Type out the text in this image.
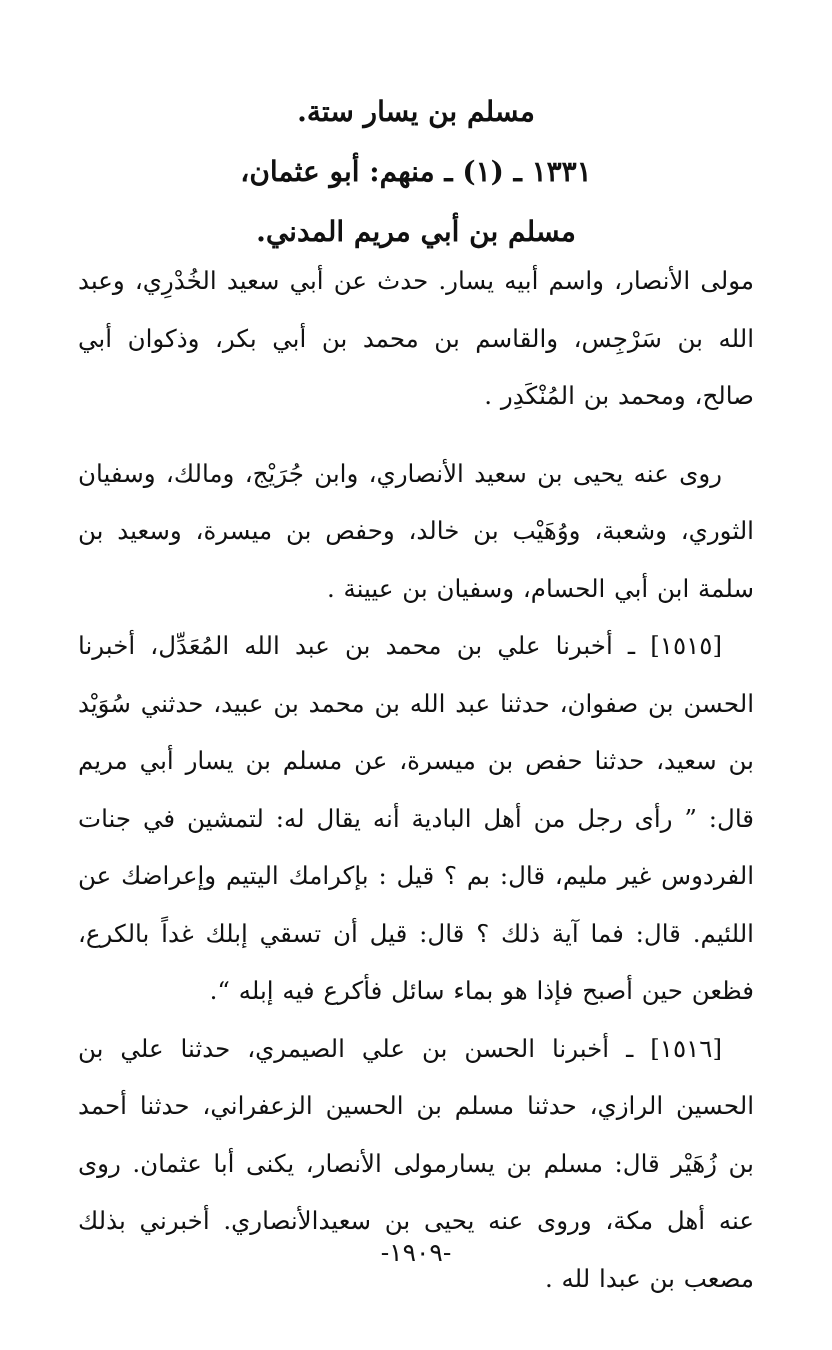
مسلم بن يسار ستة.

١٣٣١ ـ (١) ـ منهم: أبو عثمان،

مسلم بن أبي مريم المدني.

مولى الأنصار، واسم أبيه يسار. حدث عن أبي سعيد الخُدْرِي، وعبد الله بن سَرْجِس، والقاسم بن محمد بن أبي بكر، وذكوان أبي صالح، ومحمد بن المُنْكَدِر .

روى عنه يحيى بن سعيد الأنصاري، وابن جُرَيْج، ومالك، وسفيان الثوري، وشعبة، ووُهَيْب بن خالد، وحفص بن ميسرة، وسعيد بن سلمة ابن أبي الحسام، وسفيان بن عيينة .

[١٥١٥] ـ أخبرنا علي بن محمد بن عبد الله المُعَدِّل، أخبرنا الحسن بن صفوان، حدثنا عبد الله بن محمد بن عبيد، حدثني سُوَيْد بن سعيد، حدثنا حفص بن ميسرة، عن مسلم بن يسار أبي مريم قال: ” رأى رجل من أهل البادية أنه يقال له: لتمشين في جنات الفردوس غير مليم، قال: بم ؟ قيل : بإكرامك اليتيم وإعراضك عن اللئيم. قال: فما آية ذلك ؟ قال: قيل أن تسقي إبلك غداً بالكرع، فظعن حين أصبح فإذا هو بماء سائل فأكرع فيه إبله “.

[١٥١٦] ـ أخبرنا الحسن بن علي الصيمري، حدثنا علي بن الحسين الرازي، حدثنا مسلم بن الحسين الزعفراني، حدثنا أحمد بن زُهَيْر قال: مسلم بن يسارمولى الأنصار، يكنى أبا عثمان. روى عنه أهل مكة، وروى عنه يحيى بن سعيدالأنصاري. أخبرني بذلك مصعب بن عبدا لله .

-١٩٠٩-
